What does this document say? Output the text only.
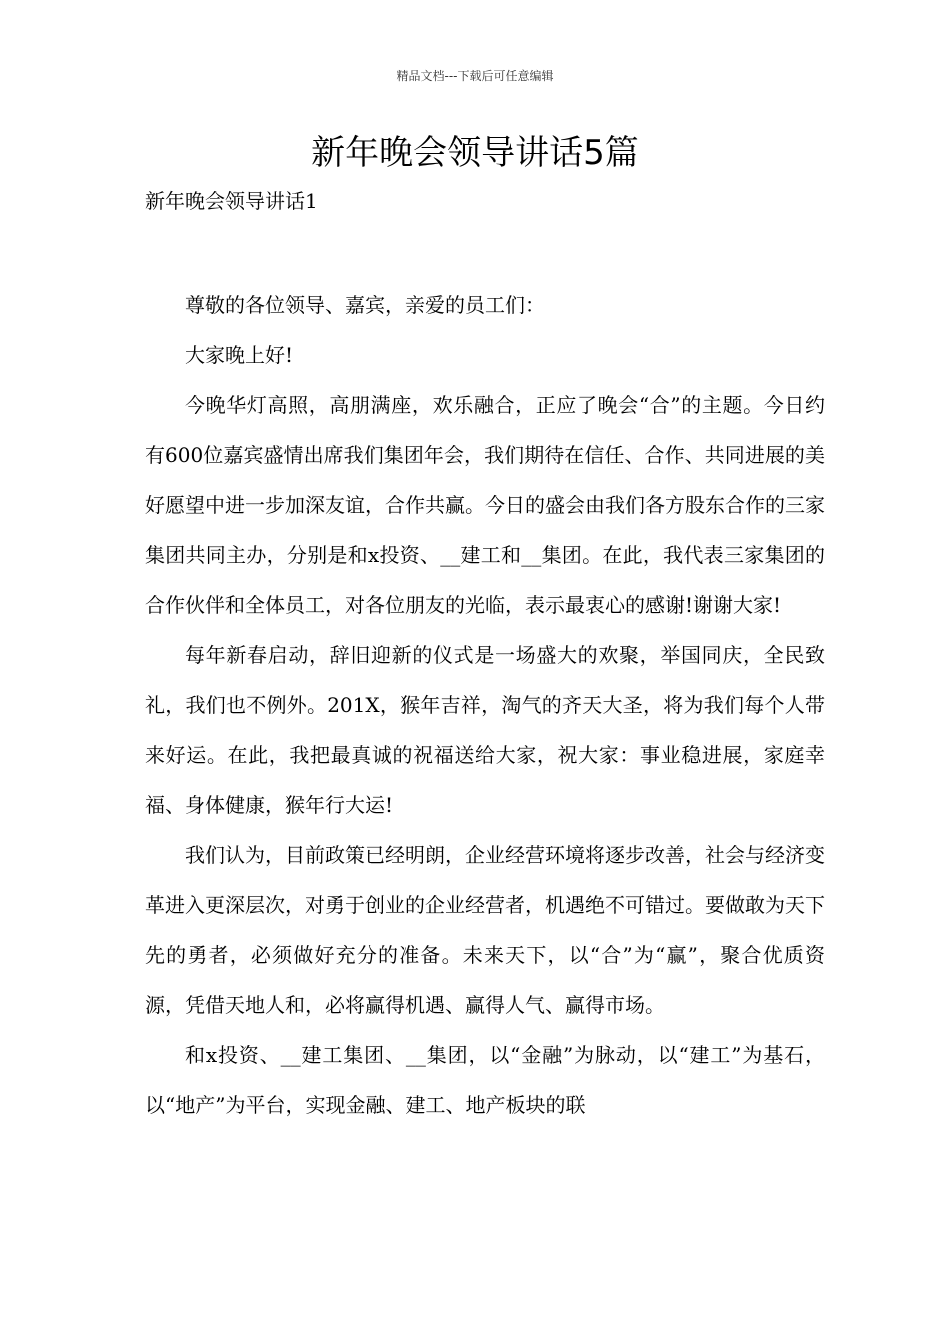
精品文档---下载后可任意编辑
新年晚会领导讲话5篇
新年晚会领导讲话1

尊敬的各位领导、嘉宾，亲爱的员工们：

大家晚上好!

今晚华灯高照，高朋满座，欢乐融合，正应了晚会“合”的主题。今日约有600位嘉宾盛情出席我们集团年会，我们期待在信任、合作、共同进展的美好愿望中进一步加深友谊，合作共赢。今日的盛会由我们各方股东合作的三家集团共同主办，分别是和x投资、__建工和__集团。在此，我代表三家集团的合作伙伴和全体员工，对各位朋友的光临，表示最衷心的感谢!谢谢大家!

每年新春启动，辞旧迎新的仪式是一场盛大的欢聚，举国同庆，全民致礼，我们也不例外。201X，猴年吉祥，淘气的齐天大圣，将为我们每个人带来好运。在此，我把最真诚的祝福送给大家，祝大家：事业稳进展，家庭幸福、身体健康，猴年行大运!

我们认为，目前政策已经明朗，企业经营环境将逐步改善，社会与经济变革进入更深层次，对勇于创业的企业经营者，机遇绝不可错过。要做敢为天下先的勇者，必须做好充分的准备。未来天下，以“合”为“赢”，聚合优质资源，凭借天地人和，必将赢得机遇、赢得人气、赢得市场。

和x投资、__建工集团、__集团，以“金融”为脉动，以“建工”为基石，以“地产”为平台，实现金融、建工、地产板块的联
